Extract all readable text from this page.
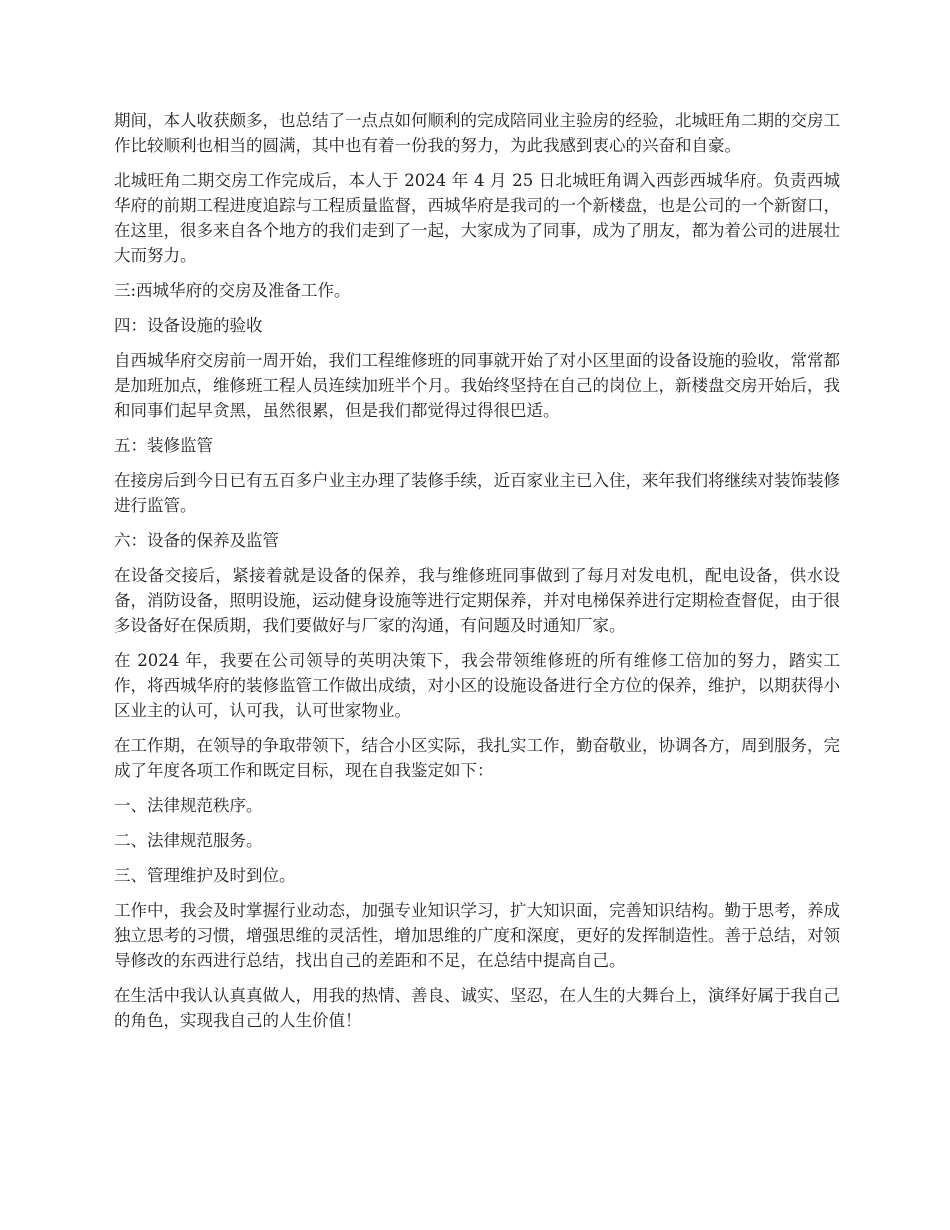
期间，本人收获颇多，也总结了一点点如何顺利的完成陪同业主验房的经验，北城旺角二期的交房工作比较顺利也相当的圆满，其中也有着一份我的努力，为此我感到衷心的兴奋和自豪。

北城旺角二期交房工作完成后，本人于 2024 年 4 月 25 日北城旺角调入西彭西城华府。负责西城华府的前期工程进度追踪与工程质量监督，西城华府是我司的一个新楼盘，也是公司的一个新窗口，在这里，很多来自各个地方的我们走到了一起，大家成为了同事，成为了朋友，都为着公司的进展壮大而努力。

三:西城华府的交房及准备工作。

四：设备设施的验收

自西城华府交房前一周开始，我们工程维修班的同事就开始了对小区里面的设备设施的验收，常常都是加班加点，维修班工程人员连续加班半个月。我始终坚持在自己的岗位上，新楼盘交房开始后，我和同事们起早贪黑，虽然很累，但是我们都觉得过得很巴适。

五：装修监管

在接房后到今日已有五百多户业主办理了装修手续，近百家业主已入住，来年我们将继续对装饰装修进行监管。

六：设备的保养及监管

在设备交接后，紧接着就是设备的保养，我与维修班同事做到了每月对发电机，配电设备，供水设备，消防设备，照明设施，运动健身设施等进行定期保养，并对电梯保养进行定期检查督促，由于很多设备好在保质期，我们要做好与厂家的沟通，有问题及时通知厂家。

在 2024 年，我要在公司领导的英明决策下，我会带领维修班的所有维修工倍加的努力，踏实工作，将西城华府的装修监管工作做出成绩，对小区的设施设备进行全方位的保养，维护，以期获得小区业主的认可，认可我，认可世家物业。

在工作期，在领导的争取带领下，结合小区实际，我扎实工作，勤奋敬业，协调各方，周到服务，完成了年度各项工作和既定目标，现在自我鉴定如下：

一、法律规范秩序。

二、法律规范服务。

三、管理维护及时到位。

工作中，我会及时掌握行业动态，加强专业知识学习，扩大知识面，完善知识结构。勤于思考，养成独立思考的习惯，增强思维的灵活性，增加思维的广度和深度，更好的发挥制造性。善于总结，对领导修改的东西进行总结，找出自己的差距和不足，在总结中提高自己。

在生活中我认认真真做人，用我的热情、善良、诚实、坚忍，在人生的大舞台上，演绎好属于我自己的角色，实现我自己的人生价值！
